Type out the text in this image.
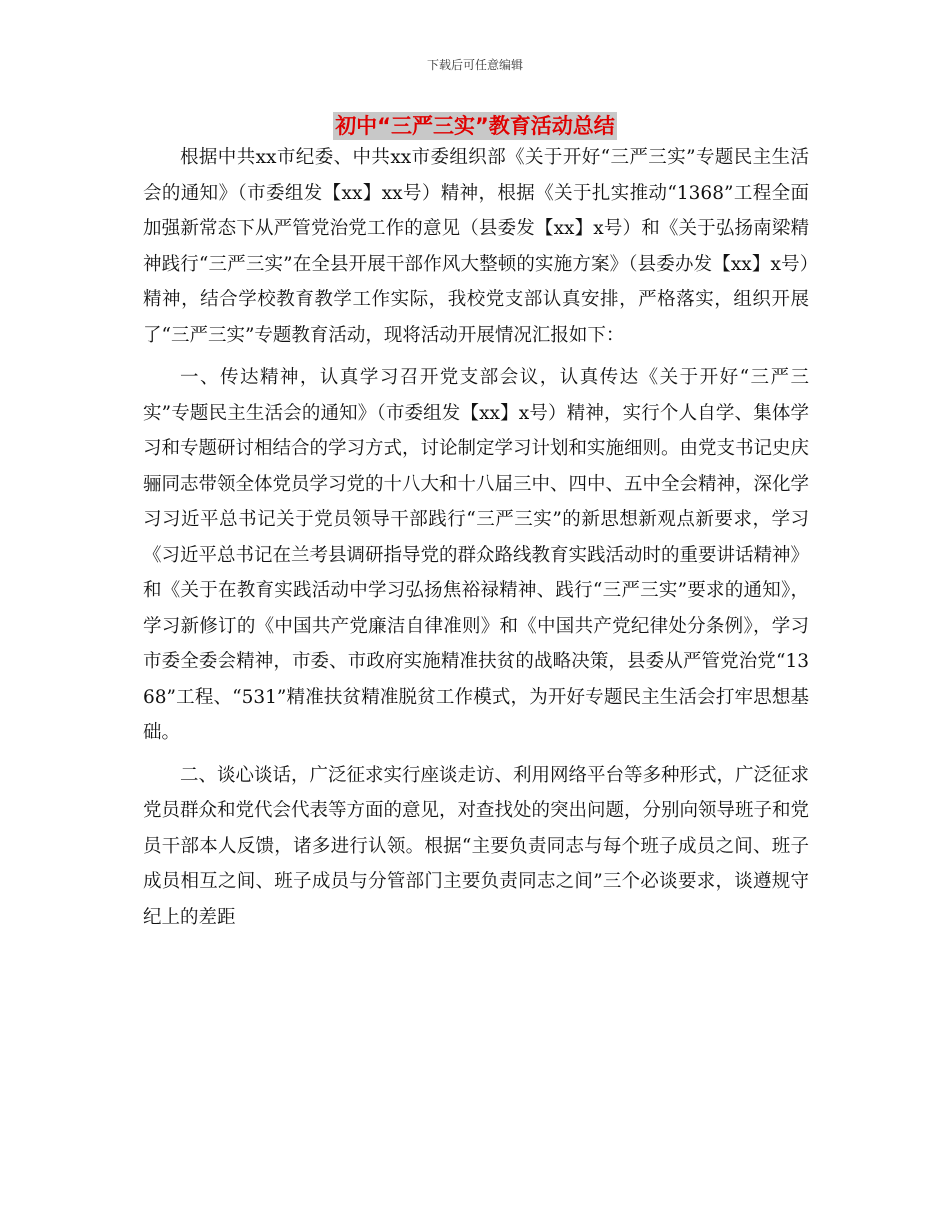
下载后可任意编辑
初中“三严三实”教育活动总结

根据中共xx市纪委、中共xx市委组织部《关于开好“三严三实”专题民主生活会的通知》（市委组发【xx】xx号）精神，根据《关于扎实推动“1368”工程全面加强新常态下从严管党治党工作的意见（县委发【xx】x号）和《关于弘扬南梁精神践行“三严三实”在全县开展干部作风大整顿的实施方案》（县委办发【xx】x号）精神，结合学校教育教学工作实际，我校党支部认真安排，严格落实，组织开展了“三严三实”专题教育活动，现将活动开展情况汇报如下：

一、传达精神，认真学习召开党支部会议，认真传达《关于开好“三严三实”专题民主生活会的通知》（市委组发【xx】x号）精神，实行个人自学、集体学习和专题研讨相结合的学习方式，讨论制定学习计划和实施细则。由党支书记史庆骊同志带领全体党员学习党的十八大和十八届三中、四中、五中全会精神，深化学习习近平总书记关于党员领导干部践行“三严三实”的新思想新观点新要求，学习《习近平总书记在兰考县调研指导党的群众路线教育实践活动时的重要讲话精神》和《关于在教育实践活动中学习弘扬焦裕禄精神、践行“三严三实”要求的通知》，学习新修订的《中国共产党廉洁自律准则》和《中国共产党纪律处分条例》，学习市委全委会精神，市委、市政府实施精准扶贫的战略决策，县委从严管党治党“1368”工程、“531”精准扶贫精准脱贫工作模式，为开好专题民主生活会打牢思想基础。

二、谈心谈话，广泛征求实行座谈走访、利用网络平台等多种形式，广泛征求党员群众和党代会代表等方面的意见，对查找处的突出问题，分别向领导班子和党员干部本人反馈，诸多进行认领。根据“主要负责同志与每个班子成员之间、班子成员相互之间、班子成员与分管部门主要负责同志之间”三个必谈要求，谈遵规守纪上的差距
